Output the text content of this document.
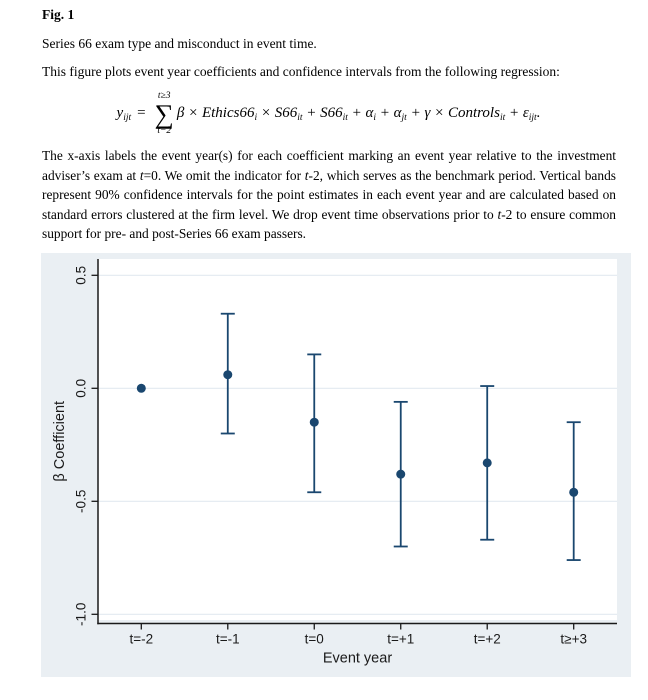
Fig. 1
Series 66 exam type and misconduct in event time.
This figure plots event year coefficients and confidence intervals from the following regression:
$y_{ijt}$ =
t≥3
∑
t−2
$\beta \times Ethics66_i \times S66_{it} + S66_{it} + \alpha_i + \alpha_{jt} + \gamma$ × Controls$_{it}$ + $\varepsilon_{ijt}$.

The x-axis labels the event year(s) for each coefficient marking an event year relative to the investment adviser’s exam at t=0. We omit the indicator for t-2, which serves as the benchmark period. Vertical bands represent 90% confidence intervals for the point estimates in each event year and are calculated based on standard errors clustered at the firm level. We drop event time observations prior to t-2 to ensure common support for pre- and post-Series 66 exam passers.

0.5
0.0
-0.5
-1.0
β Coefficient
t=-2	t=-1	t=0	t=+1	t=+2	t≥+3
Event year
